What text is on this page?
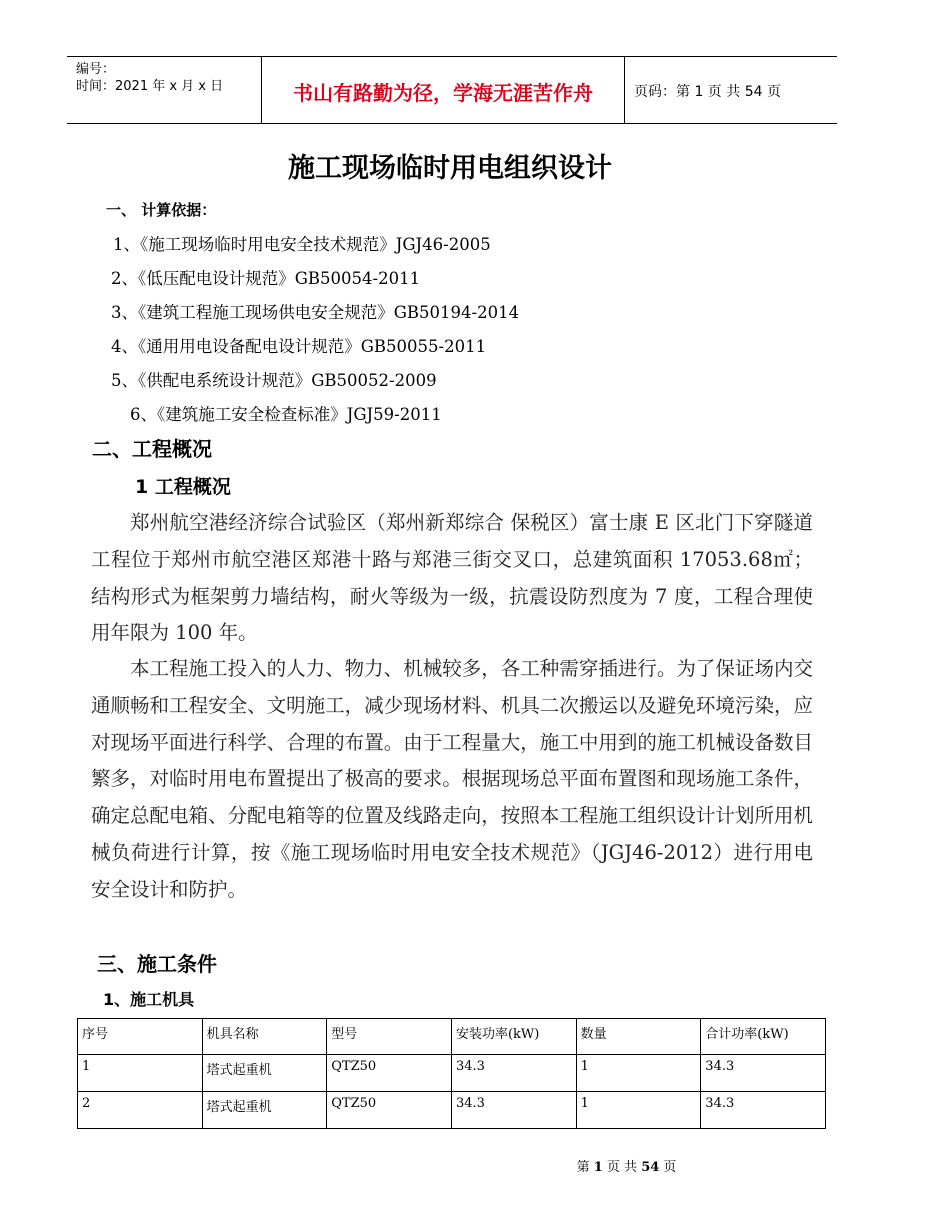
编号：
时间：2021 年 x 月 x 日	书山有路勤为径，学海无涯苦作舟	页码：第 1 页 共 54 页
施工现场临时用电组织设计
一、 计算依据：
1、《施工现场临时用电安全技术规范》JGJ46-2005
2、《低压配电设计规范》GB50054-2011
3、《建筑工程施工现场供电安全规范》GB50194-2014
4、《通用用电设备配电设计规范》GB50055-2011
5、《供配电系统设计规范》GB50052-2009
6、《建筑施工安全检查标准》JGJ59-2011
二、工程概况
1 工程概况
郑州航空港经济综合试验区（郑州新郑综合 保税区）富士康 E 区北门下穿隧道工程位于郑州市航空港区郑港十路与郑港三街交叉口，总建筑面积 17053.68㎡；结构形式为框架剪力墙结构，耐火等级为一级，抗震设防烈度为 7 度，工程合理使用年限为 100 年。
本工程施工投入的人力、物力、机械较多，各工种需穿插进行。为了保证场内交通顺畅和工程安全、文明施工，减少现场材料、机具二次搬运以及避免环境污染，应对现场平面进行科学、合理的布置。由于工程量大，施工中用到的施工机械设备数目繁多，对临时用电布置提出了极高的要求。根据现场总平面布置图和现场施工条件，确定总配电箱、分配电箱等的位置及线路走向，按照本工程施工组织设计计划所用机械负荷进行计算，按《施工现场临时用电安全技术规范》（JGJ46-2012）进行用电安全设计和防护。
三、施工条件
1、施工机具
序号	机具名称	型号	安装功率(kW)	数量	合计功率(kW)
1	塔式起重机	QTZ50	34.3	1	34.3
2	塔式起重机	QTZ50	34.3	1	34.3
第 1 页 共 54 页
